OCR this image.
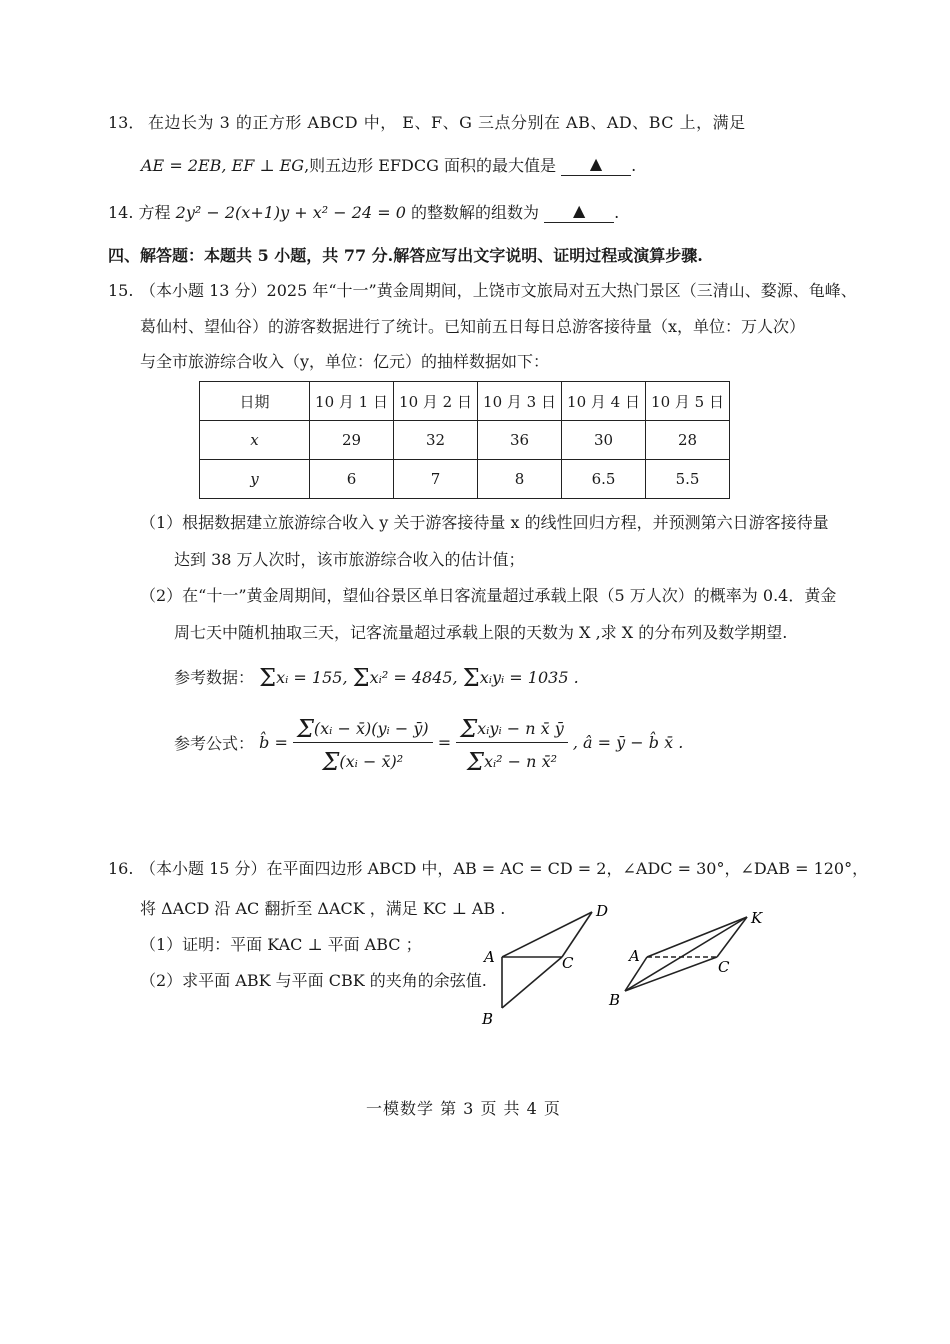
13． 在边长为 3 的正方形 ABCD 中， E、F、G 三点分别在 AB、AD、BC 上，满足
AE = 2EB, EF ⊥ EG,则五边形 EFDCG 面积的最大值是 ▲ .
14. 方程 2y² − 2(x+1)y + x² − 24 = 0 的整数解的组数为 ▲ .
四、解答题：本题共 5 小题，共 77 分.解答应写出文字说明、证明过程或演算步骤.
15. （本小题 13 分）2025 年“十一”黄金周期间，上饶市文旅局对五大热门景区（三清山、婺源、龟峰、
葛仙村、望仙谷）的游客数据进行了统计。已知前五日每日总游客接待量（x，单位：万人次）
与全市旅游综合收入（y，单位：亿元）的抽样数据如下：
日期	10 月 1 日	10 月 2 日	10 月 3 日	10 月 4 日	10 月 5 日
x	29	32	36	30	28
y	6	7	8	6.5	5.5
（1）根据数据建立旅游综合收入 y 关于游客接待量 x 的线性回归方程，并预测第六日游客接待量
达到 38 万人次时，该市旅游综合收入的估计值；
（2）在“十一”黄金周期间，望仙谷景区单日客流量超过承载上限（5 万人次）的概率为 0.4．黄金
周七天中随机抽取三天，记客流量超过承载上限的天数为 X ,求 X 的分布列及数学期望.
参考数据： Σxᵢ = 155, Σxᵢ² = 4845, Σxᵢyᵢ = 1035 .
参考公式： b̂ = $\frac{\text{Σ(xᵢ − x̄)(yᵢ − ȳ)}}{\text{Σ(xᵢ − x̄)²}} = \frac{\text{Σxᵢyᵢ − n x̄ ȳ}}{\text{Σxᵢ² − n x̄²}}$ , â = ȳ − b̂ x̄ .
16. （本小题 15 分）在平面四边形 ABCD 中，AB = AC = CD = 2，∠ADC = 30°，∠DAB = 120°，
将 ΔACD 沿 AC 翻折至 ΔACK ，满足 KC ⊥ AB .
（1）证明：平面 KAC ⊥ 平面 ABC ；
（2）求平面 ABK 与平面 CBK 的夹角的余弦值.
D
A	C
B
K
A
C
B
一模数学 第 3 页 共 4 页
